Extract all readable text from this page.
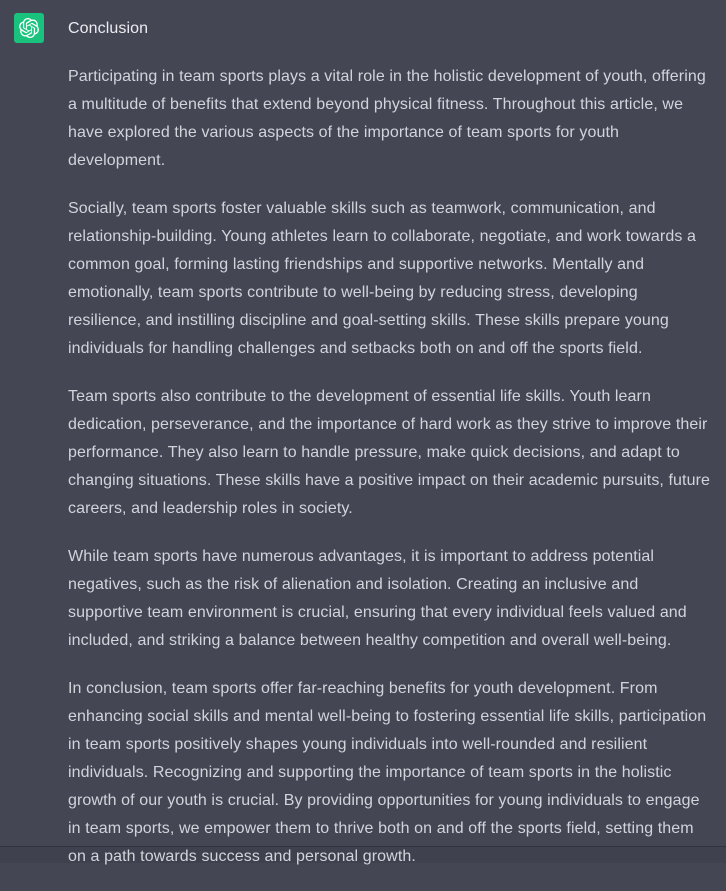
Conclusion

Participating in team sports plays a vital role in the holistic development of youth, offering a multitude of benefits that extend beyond physical fitness. Throughout this article, we have explored the various aspects of the importance of team sports for youth development.

Socially, team sports foster valuable skills such as teamwork, communication, and relationship-building. Young athletes learn to collaborate, negotiate, and work towards a common goal, forming lasting friendships and supportive networks. Mentally and emotionally, team sports contribute to well-being by reducing stress, developing resilience, and instilling discipline and goal-setting skills. These skills prepare young individuals for handling challenges and setbacks both on and off the sports field.

Team sports also contribute to the development of essential life skills. Youth learn dedication, perseverance, and the importance of hard work as they strive to improve their performance. They also learn to handle pressure, make quick decisions, and adapt to changing situations. These skills have a positive impact on their academic pursuits, future careers, and leadership roles in society.

While team sports have numerous advantages, it is important to address potential negatives, such as the risk of alienation and isolation. Creating an inclusive and supportive team environment is crucial, ensuring that every individual feels valued and included, and striking a balance between healthy competition and overall well-being.

In conclusion, team sports offer far-reaching benefits for youth development. From enhancing social skills and mental well-being to fostering essential life skills, participation in team sports positively shapes young individuals into well-rounded and resilient individuals. Recognizing and supporting the importance of team sports in the holistic growth of our youth is crucial. By providing opportunities for young individuals to engage in team sports, we empower them to thrive both on and off the sports field, setting them on a path towards success and personal growth.
